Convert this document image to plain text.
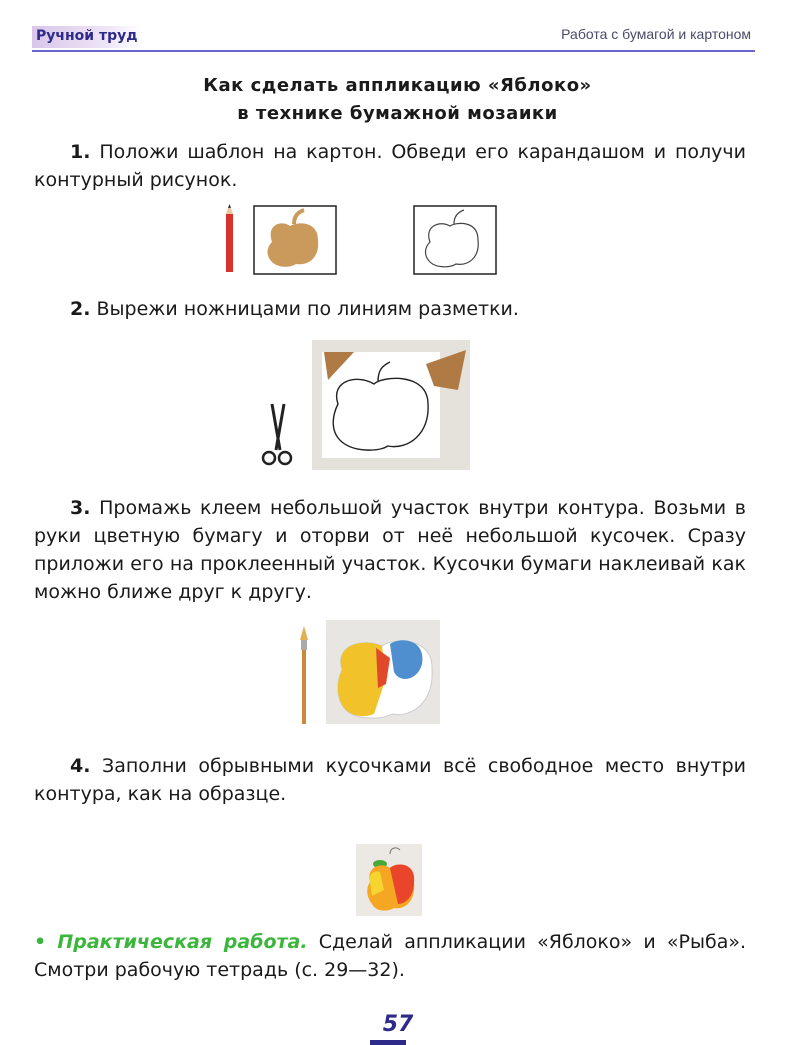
Ручной труд	Работа с бумагой и картоном
Как сделать аппликацию «Яблоко»
в технике бумажной мозаики
1. Положи шаблон на картон. Обведи его карандашом и получи контурный рисунок.
2. Вырежи ножницами по линиям разметки.
3. Промажь клеем небольшой участок внутри контура. Возьми в руки цветную бумагу и оторви от неё небольшой кусочек. Сразу приложи его на проклеенный участок. Кусочки бумаги наклеивай как можно ближе друг к другу.
4. Заполни обрывными кусочками всё свободное место внутри контура, как на образце.
• Практическая работа. Сделай аппликации «Яблоко» и «Рыба». Смотри рабочую тетрадь (с. 29—32).
57
